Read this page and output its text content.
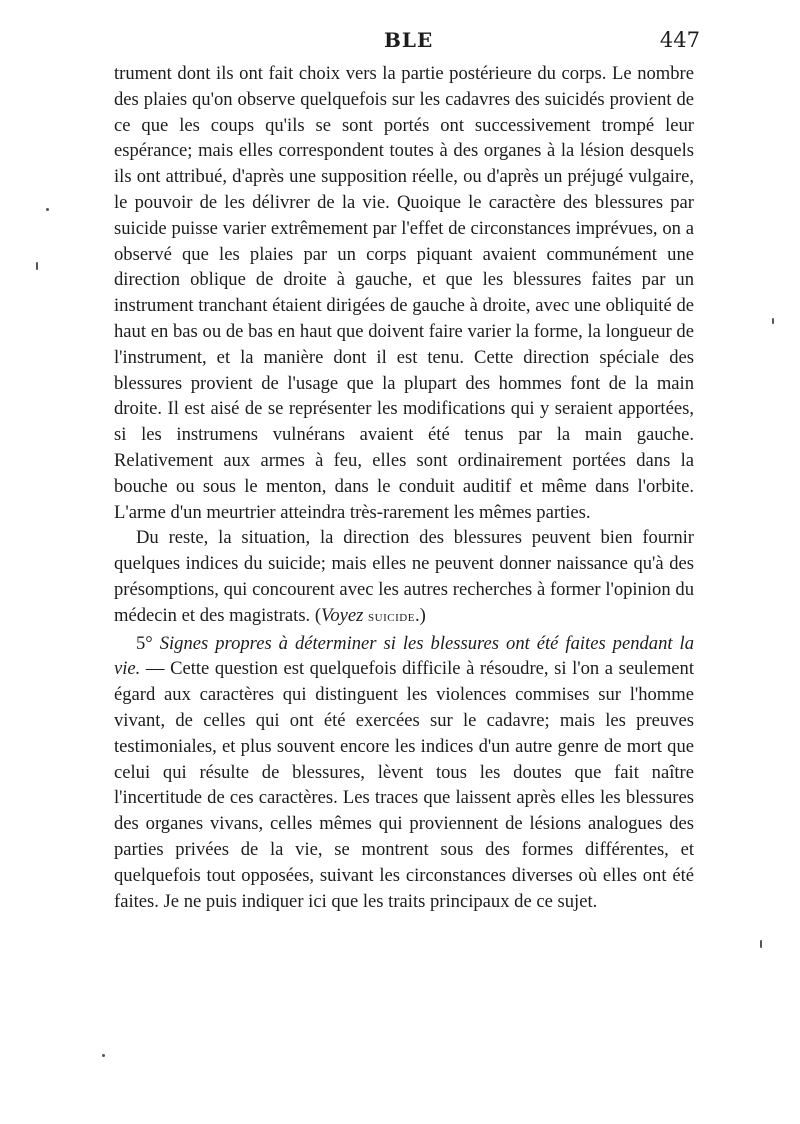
BLE	447

trument dont ils ont fait choix vers la partie postérieure du corps. Le nombre des plaies qu'on observe quelquefois sur les cadavres des suicidés provient de ce que les coups qu'ils se sont portés ont successivement trompé leur espérance; mais elles correspondent toutes à des organes à la lésion desquels ils ont attribué, d'après une supposition réelle, ou d'après un préjugé vulgaire, le pouvoir de les délivrer de la vie. Quoique le caractère des blessures par suicide puisse varier extrêmement par l'effet de circonstances imprévues, on a observé que les plaies par un corps piquant avaient communément une direction oblique de droite à gauche, et que les blessures faites par un instrument tranchant étaient dirigées de gauche à droite, avec une obliquité de haut en bas ou de bas en haut que doivent faire varier la forme, la longueur de l'instrument, et la manière dont il est tenu. Cette direction spéciale des blessures provient de l'usage que la plupart des hommes font de la main droite. Il est aisé de se représenter les modifications qui y seraient apportées, si les instrumens vulnérans avaient été tenus par la main gauche. Relativement aux armes à feu, elles sont ordinairement portées dans la bouche ou sous le menton, dans le conduit auditif et même dans l'orbite. L'arme d'un meurtrier atteindra très-rarement les mêmes parties.

Du reste, la situation, la direction des blessures peuvent bien fournir quelques indices du suicide; mais elles ne peuvent donner naissance qu'à des présomptions, qui concourent avec les autres recherches à former l'opinion du médecin et des magistrats. (Voyez suicide.)

5° Signes propres à déterminer si les blessures ont été faites pendant la vie. — Cette question est quelquefois difficile à résoudre, si l'on a seulement égard aux caractères qui distinguent les violences commises sur l'homme vivant, de celles qui ont été exercées sur le cadavre; mais les preuves testimoniales, et plus souvent encore les indices d'un autre genre de mort que celui qui résulte de blessures, lèvent tous les doutes que fait naître l'incertitude de ces caractères. Les traces que laissent après elles les blessures des organes vivans, celles mêmes qui proviennent de lésions analogues des parties privées de la vie, se montrent sous des formes différentes, et quelquefois tout opposées, suivant les circonstances diverses où elles ont été faites. Je ne puis indiquer ici que les traits principaux de ce sujet.
